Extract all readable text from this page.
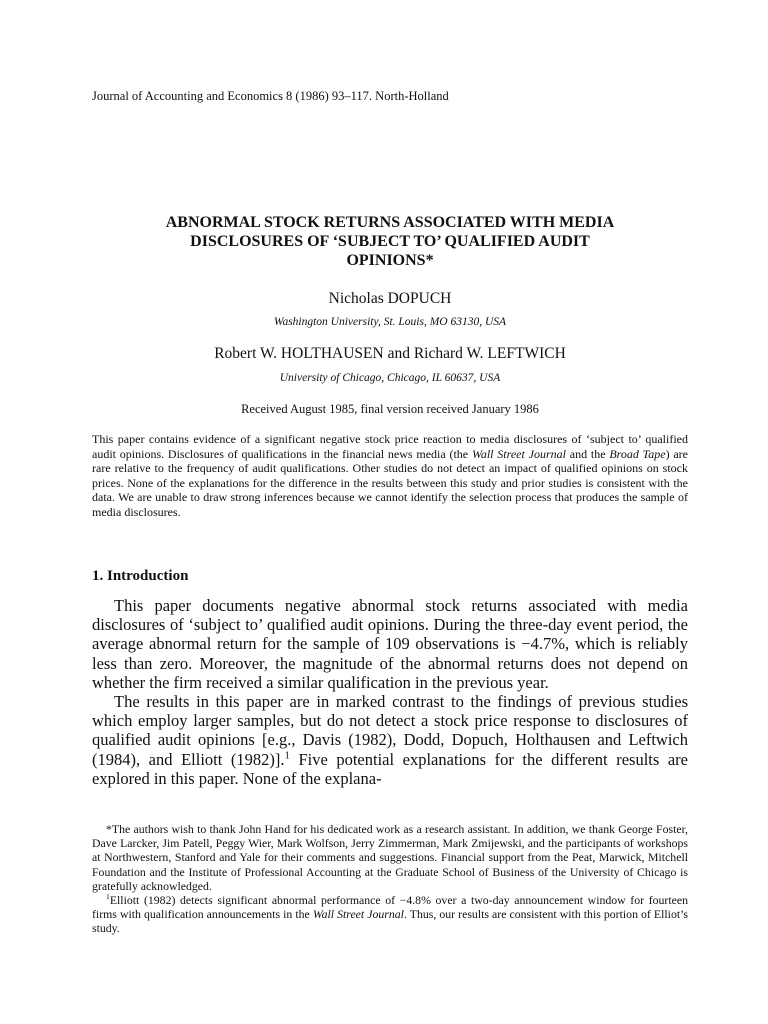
Journal of Accounting and Economics 8 (1986) 93–117. North-Holland
ABNORMAL STOCK RETURNS ASSOCIATED WITH MEDIA
DISCLOSURES OF ‘SUBJECT TO’ QUALIFIED AUDIT
OPINIONS*
Nicholas DOPUCH
Washington University, St. Louis, MO 63130, USA
Robert W. HOLTHAUSEN and Richard W. LEFTWICH
University of Chicago, Chicago, IL 60637, USA
Received August 1985, final version received January 1986
This paper contains evidence of a significant negative stock price reaction to media disclosures of ‘subject to’ qualified audit opinions. Disclosures of qualifications in the financial news media (the Wall Street Journal and the Broad Tape) are rare relative to the frequency of audit qualifications. Other studies do not detect an impact of qualified opinions on stock prices. None of the explanations for the difference in the results between this study and prior studies is consistent with the data. We are unable to draw strong inferences because we cannot identify the selection process that produces the sample of media disclosures.
1. Introduction

This paper documents negative abnormal stock returns associated with media disclosures of ‘subject to’ qualified audit opinions. During the three-day event period, the average abnormal return for the sample of 109 observations is −4.7%, which is reliably less than zero. Moreover, the magnitude of the abnormal returns does not depend on whether the firm received a similar qualification in the previous year.

The results in this paper are in marked contrast to the findings of previous studies which employ larger samples, but do not detect a stock price response to disclosures of qualified audit opinions [e.g., Davis (1982), Dodd, Dopuch, Holthausen and Leftwich (1984), and Elliott (1982)].$^1$ Five potential explanations for the different results are explored in this paper. None of the explana-

*The authors wish to thank John Hand for his dedicated work as a research assistant. In addition, we thank George Foster, Dave Larcker, Jim Patell, Peggy Wier, Mark Wolfson, Jerry Zimmerman, Mark Zmijewski, and the participants of workshops at Northwestern, Stanford and Yale for their comments and suggestions. Financial support from the Peat, Marwick, Mitchell Foundation and the Institute of Professional Accounting at the Graduate School of Business of the University of Chicago is gratefully acknowledged.

$^1$Elliott (1982) detects significant abnormal performance of −4.8% over a two-day announcement window for fourteen firms with qualification announcements in the Wall Street Journal. Thus, our results are consistent with this portion of Elliot’s study.
